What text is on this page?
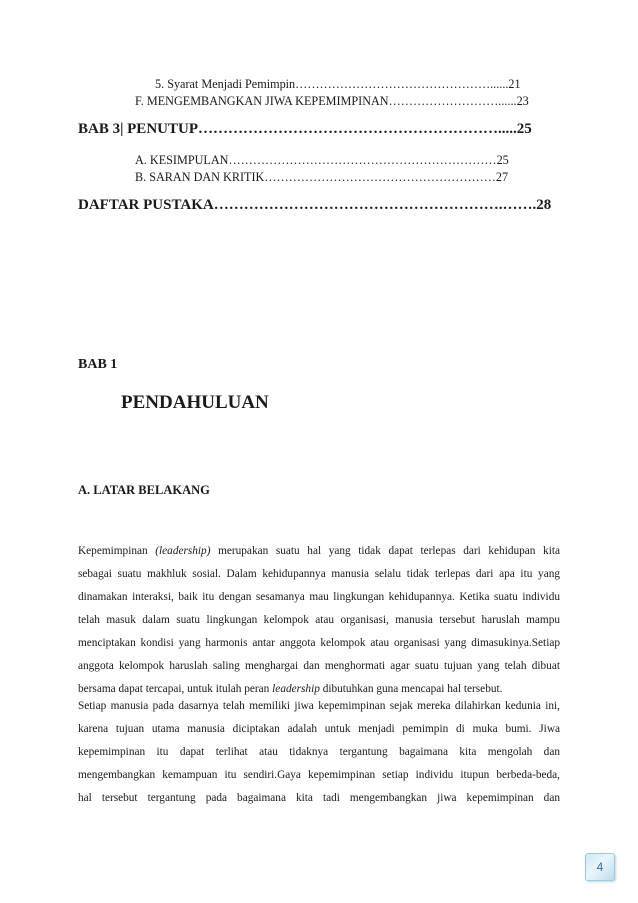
5. Syarat Menjadi Pemimpin…………………………………………......21
F. MENGEMBANGKAN JIWA KEPEMIMPINAN………………………......23
BAB 3| PENUTUP…………………………………………………….....25
A. KESIMPULAN…………………………………………………………25
B. SARAN DAN KRITIK…………………………………………………27
DAFTAR PUSTAKA………………………………………………….…….28
BAB 1
PENDAHULUAN
A. LATAR BELAKANG
Kepemimpinan (leadership) merupakan suatu hal yang tidak dapat terlepas dari kehidupan kita
sebagai suatu makhluk sosial. Dalam kehidupannya manusia selalu tidak terlepas dari apa itu yang
dinamakan interaksi, baik itu dengan sesamanya mau lingkungan kehidupannya. Ketika suatu individu
telah masuk dalam suatu lingkungan kelompok atau organisasi, manusia tersebut haruslah mampu
menciptakan kondisi yang harmonis antar anggota kelompok atau organisasi yang dimasukinya.Setiap
anggota kelompok haruslah saling menghargai dan menghormati agar suatu tujuan yang telah dibuat
bersama dapat tercapai, untuk itulah peran leadership dibutuhkan guna mencapai hal tersebut.
Setiap manusia pada dasarnya telah memiliki jiwa kepemimpinan sejak mereka dilahirkan kedunia ini,
karena tujuan utama manusia diciptakan adalah untuk menjadi pemimpin di muka bumi. Jiwa
kepemimpinan itu dapat terlihat atau tidaknya tergantung bagaimana kita mengolah dan
mengembangkan kemampuan itu sendiri.Gaya kepemimpinan setiap individu itupun berbeda-beda,
hal tersebut tergantung pada bagaimana kita tadi mengembangkan jiwa kepemimpinan dan
4
